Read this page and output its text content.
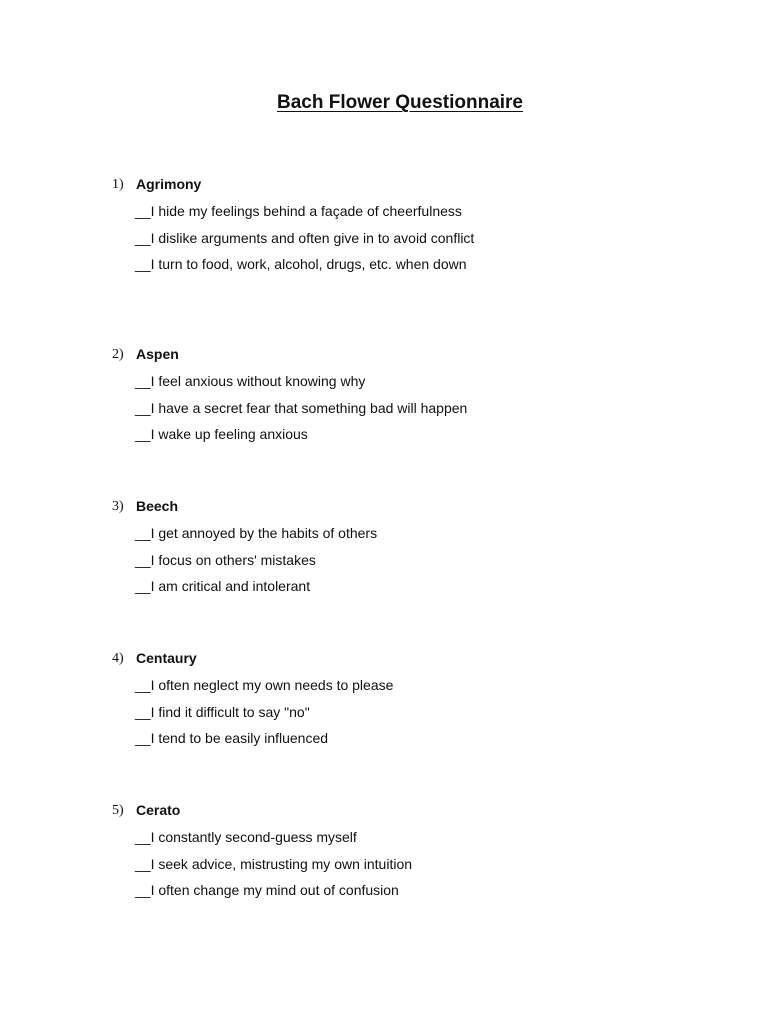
Bach Flower Questionnaire
1) Agrimony
__I hide my feelings behind a façade of cheerfulness
__I dislike arguments and often give in to avoid conflict
__I turn to food, work, alcohol, drugs, etc. when down
2) Aspen
__I feel anxious without knowing why
__I have a secret fear that something bad will happen
__I wake up feeling anxious
3) Beech
__I get annoyed by the habits of others
__I focus on others' mistakes
__I am critical and intolerant
4) Centaury
__I often neglect my own needs to please
__I find it difficult to say "no"
__I tend to be easily influenced
5) Cerato
__I constantly second-guess myself
__I seek advice, mistrusting my own intuition
__I often change my mind out of confusion
